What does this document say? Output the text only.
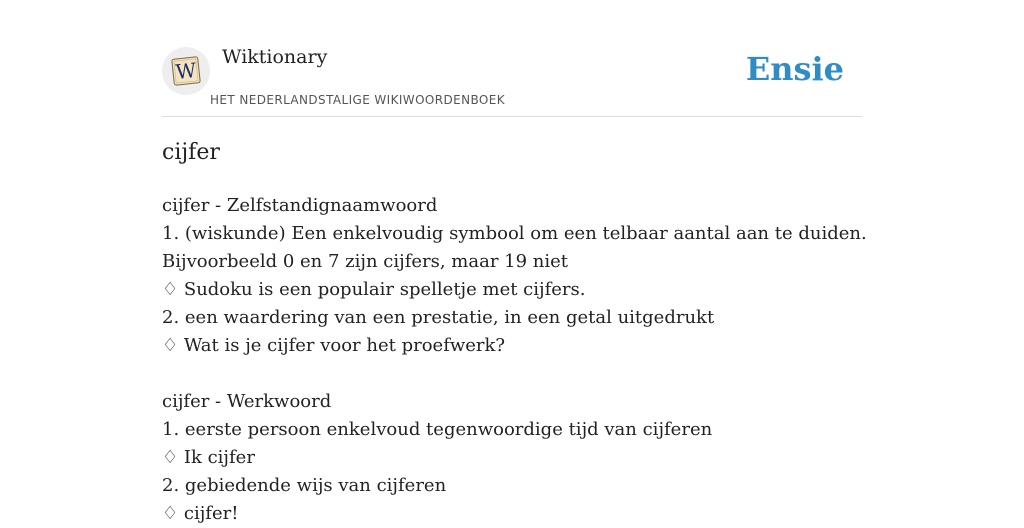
W
Wiktionary
HET NEDERLANDSTALIGE WIKIWOORDENBOEK
Ensie
cijfer

cijfer - Zelfstandignaamwoord

1. (wiskunde) Een enkelvoudig symbool om een telbaar aantal aan te duiden.

Bijvoorbeeld 0 en 7 zijn cijfers, maar 19 niet

♢ Sudoku is een populair spelletje met cijfers.

2. een waardering van een prestatie, in een getal uitgedrukt

♢ Wat is je cijfer voor het proefwerk?

cijfer - Werkwoord

1. eerste persoon enkelvoud tegenwoordige tijd van cijferen

♢ Ik cijfer

2. gebiedende wijs van cijferen

♢ cijfer!
